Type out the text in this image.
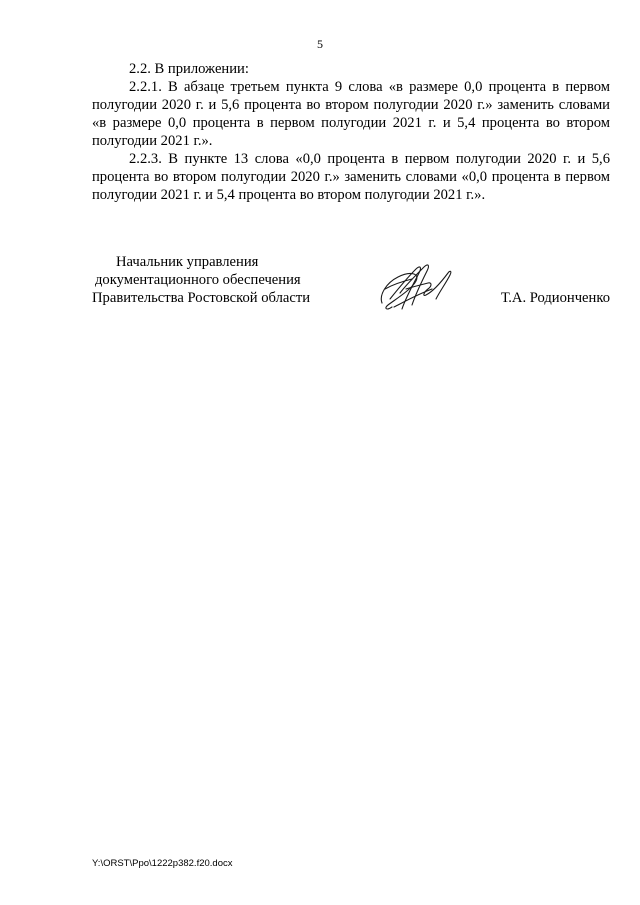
5

2.2. В приложении:

2.2.1. В абзаце третьем пункта 9 слова «в размере 0,0 процента в первом полугодии 2020 г. и 5,6 процента во втором полугодии 2020 г.» заменить словами «в размере 0,0 процента в первом полугодии 2021 г. и 5,4 процента во втором полугодии 2021 г.».

2.2.3. В пункте 13 слова «0,0 процента в первом полугодии 2020 г. и 5,6 процента во втором полугодии 2020 г.» заменить словами «0,0 процента в первом полугодии 2021 г. и 5,4 процента во втором полугодии 2021 г.».

Начальник управления
документационного обеспечения
Правительства Ростовской области	Т.А. Родионченко
Y:\ORST\Ppo\1222p382.f20.docx
